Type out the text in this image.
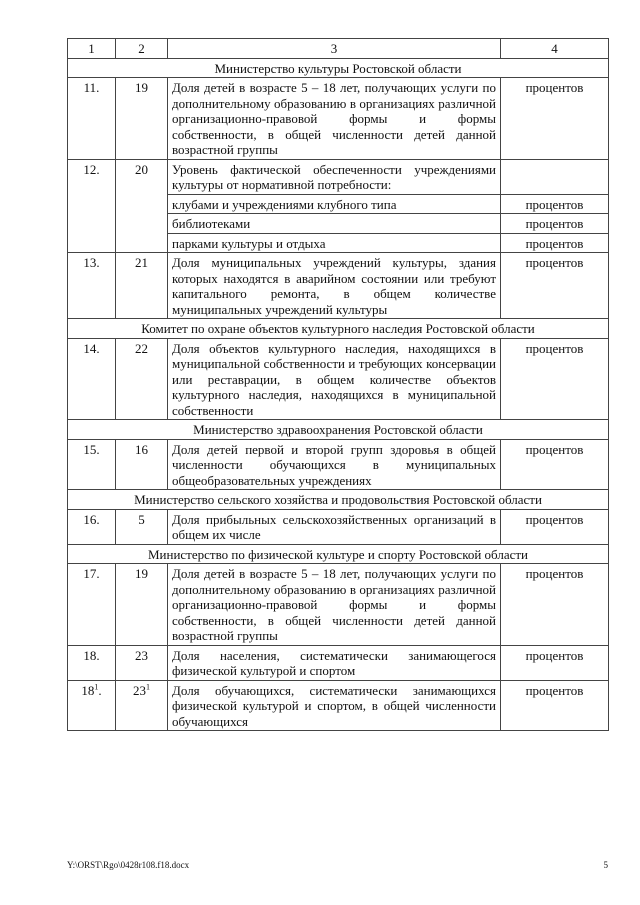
1	2	3	4
Министерство культуры Ростовской области			
11.	19	Доля детей в возрасте 5 – 18 лет, получающих услуги по дополнительному образованию в организациях различной организационно-правовой формы и формы собственности, в общей численности детей данной возрастной группы	процентов
12.	20	Уровень фактической обеспеченности учреждениями культуры от нормативной потребности:	
		клубами и учреждениями клубного типа	процентов
		библиотеками	процентов
		парками культуры и отдыха	процентов
13.	21	Доля муниципальных учреждений культуры, здания которых находятся в аварийном состоянии или требуют капитального ремонта, в общем количестве муниципальных учреждений культуры	процентов
Комитет по охране объектов культурного наследия Ростовской области			
14.	22	Доля объектов культурного наследия, находящихся в муниципальной собственности и требующих консервации или реставрации, в общем количестве объектов культурного наследия, находящихся в муниципальной собственности	процентов
Министерство здравоохранения Ростовской области			
15.	16	Доля детей первой и второй групп здоровья в общей численности обучающихся в муниципальных общеобразовательных учреждениях	процентов
Министерство сельского хозяйства и продовольствия Ростовской области			
16.	5	Доля прибыльных сельскохозяйственных организаций в общем их числе	процентов
Министерство по физической культуре и спорту Ростовской области			
17.	19	Доля детей в возрасте 5 – 18 лет, получающих услуги по дополнительному образованию в организациях различной организационно-правовой формы и формы собственности, в общей численности детей данной возрастной группы	процентов
18.	23	Доля населения, систематически занимающегося физической культурой и спортом	процентов
$18^1$.	$23^1$	Доля обучающихся, систематически занимающихся физической культурой и спортом, в общей численности обучающихся	процентов
Y:\ORST\Rgo\0428r108.f18.docx	5
